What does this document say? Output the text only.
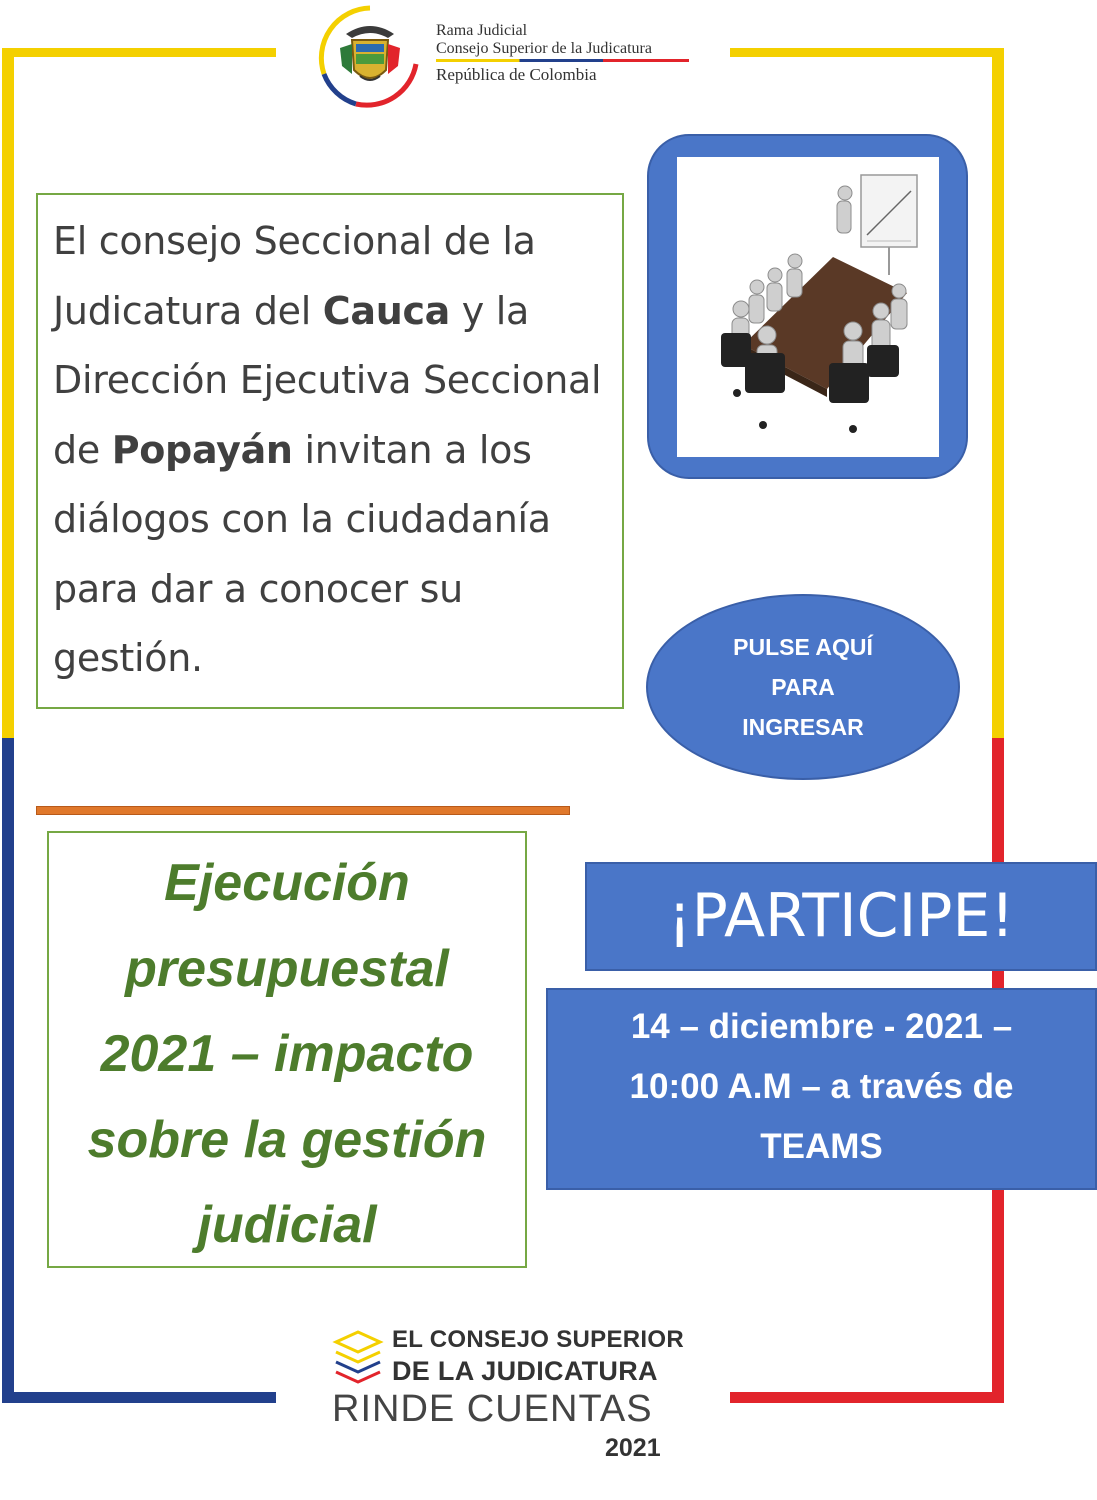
Rama Judicial
Consejo Superior de la Judicatura
República de Colombia
El consejo Seccional de la Judicatura del Cauca y la Dirección Ejecutiva Seccional de Popayán invitan a los diálogos con la ciudadanía para dar a conocer su gestión.	PULSE AQUÍ
PARA
INGRESAR
Ejecución
presupuestal
2021 – impacto
sobre la gestión
judicial
¡PARTICIPE!
14 – diciembre - 2021 –
10:00 A.M – a través de
TEAMS
EL CONSEJO SUPERIOR
DE LA JUDICATURA
RINDE CUENTAS
2021
